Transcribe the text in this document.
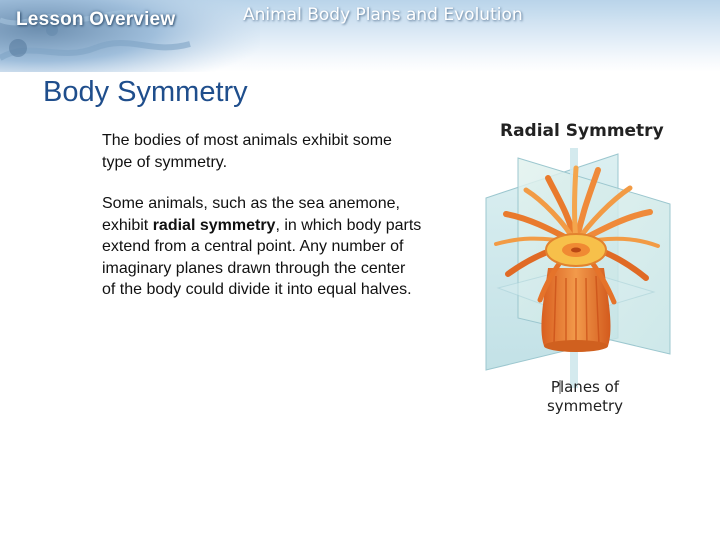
Lesson Overview	Animal Body Plans and Evolution
Body Symmetry

The bodies of most animals exhibit some type of symmetry.

Some animals, such as the sea anemone, exhibit radial symmetry, in which body parts extend from a central point. Any number of imaginary planes drawn through the center of the body could divide it into equal halves.

Radial Symmetry
Planes of
symmetry
